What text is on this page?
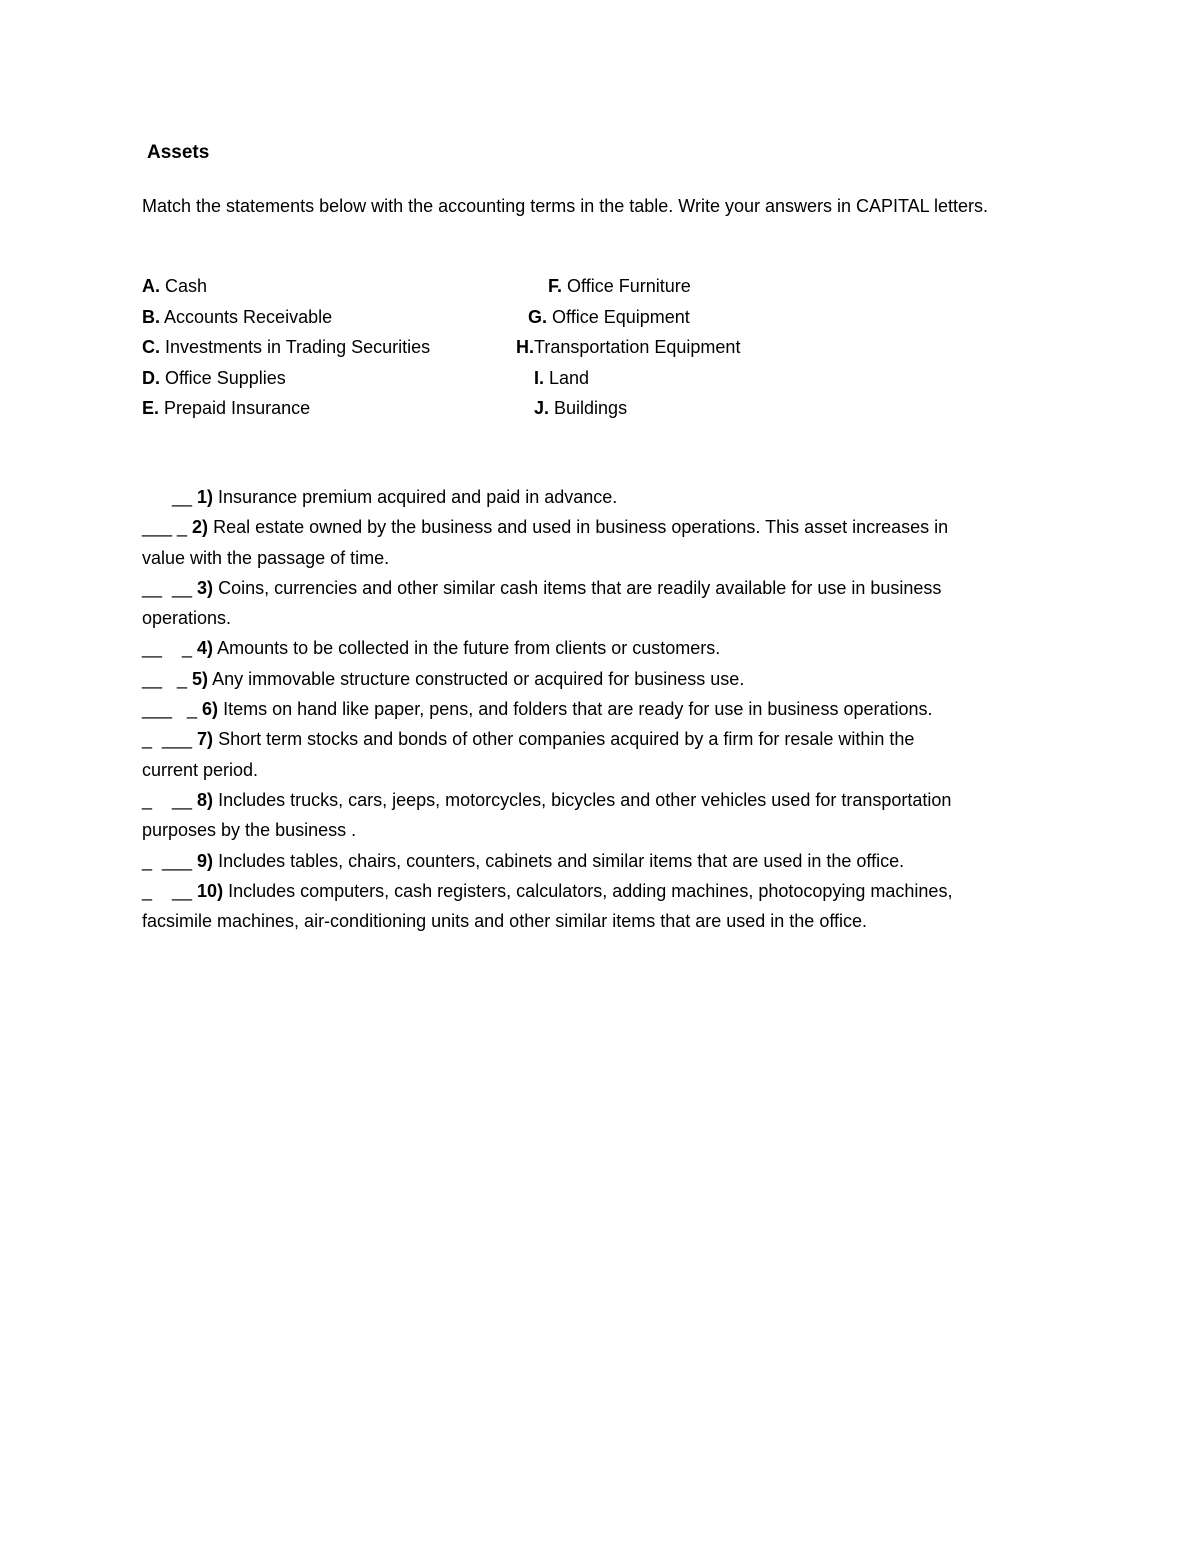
Assets
Match the statements below with the accounting terms in the table. Write your answers in CAPITAL letters.
A. Cash	F. Office Furniture
B. Accounts Receivable	G. Office Equipment
C. Investments in Trading Securities	H.Transportation Equipment
D. Office Supplies	I. Land
E. Prepaid Insurance	J. Buildings
__ 1) Insurance premium acquired and paid in advance.
___ _ 2) Real estate owned by the business and used in business operations. This asset increases in
value with the passage of time.
__  __ 3) Coins, currencies and other similar cash items that are readily available for use in business
operations.
__    _ 4) Amounts to be collected in the future from clients or customers.
__   _ 5) Any immovable structure constructed or acquired for business use.
___   _ 6) Items on hand like paper, pens, and folders that are ready for use in business operations.
_  ___ 7) Short term stocks and bonds of other companies acquired by a firm for resale within the
current period.
_    __ 8) Includes trucks, cars, jeeps, motorcycles, bicycles and other vehicles used for transportation
purposes by the business .
_  ___ 9) Includes tables, chairs, counters, cabinets and similar items that are used in the office.
_    __ 10) Includes computers, cash registers, calculators, adding machines, photocopying machines,
facsimile machines, air-conditioning units and other similar items that are used in the office.
